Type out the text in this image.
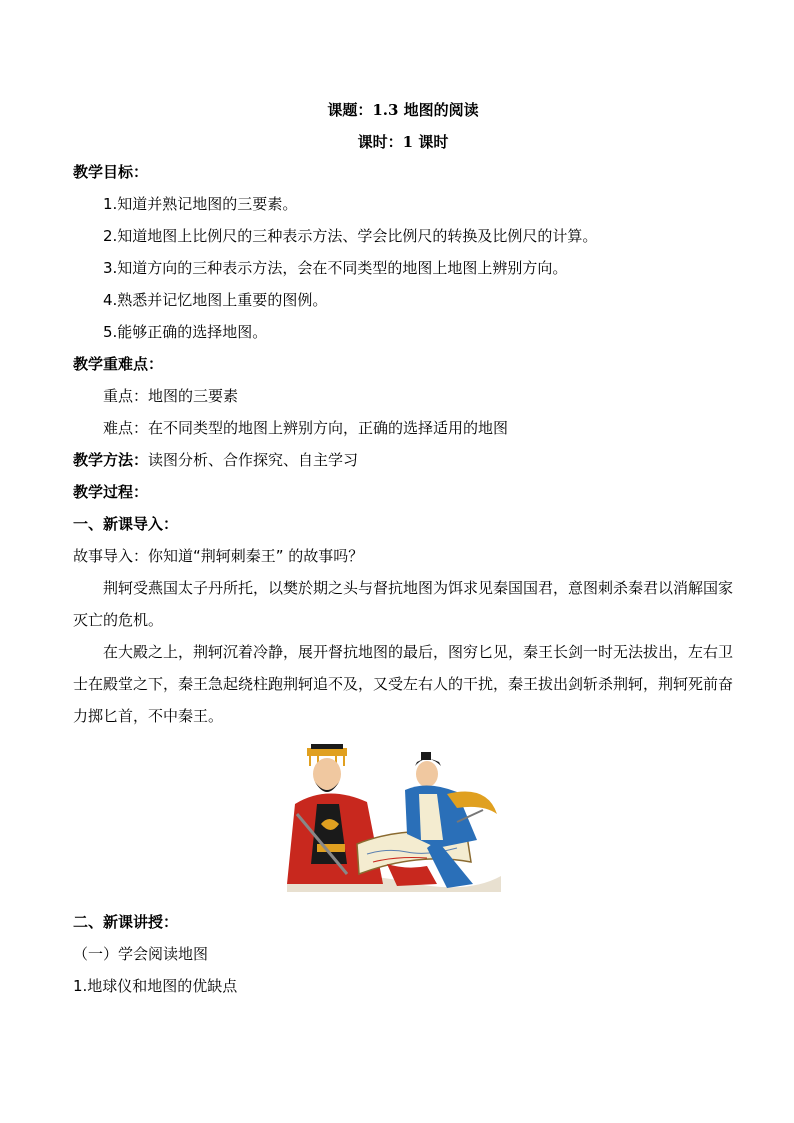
课题：1.3 地图的阅读
课时：1 课时
教学目标：
1.知道并熟记地图的三要素。
2.知道地图上比例尺的三种表示方法、学会比例尺的转换及比例尺的计算。
3.知道方向的三种表示方法，会在不同类型的地图上地图上辨别方向。
4.熟悉并记忆地图上重要的图例。
5.能够正确的选择地图。
教学重难点：
重点：地图的三要素
难点：在不同类型的地图上辨别方向，正确的选择适用的地图
教学方法：读图分析、合作探究、自主学习
教学过程：
一、新课导入：
故事导入：你知道“荆轲刺秦王” 的故事吗？

荆轲受燕国太子丹所托，以樊於期之头与督抗地图为饵求见秦国国君，意图刺杀秦君以消解国家灭亡的危机。

在大殿之上，荆轲沉着冷静，展开督抗地图的最后，图穷匕见，秦王长剑一时无法拔出，左右卫士在殿堂之下，秦王急起绕柱跑荆轲追不及，又受左右人的干扰，秦王拔出剑斩杀荆轲，荆轲死前奋力掷匕首，不中秦王。

二、新课讲授：
（一）学会阅读地图
1.地球仪和地图的优缺点
